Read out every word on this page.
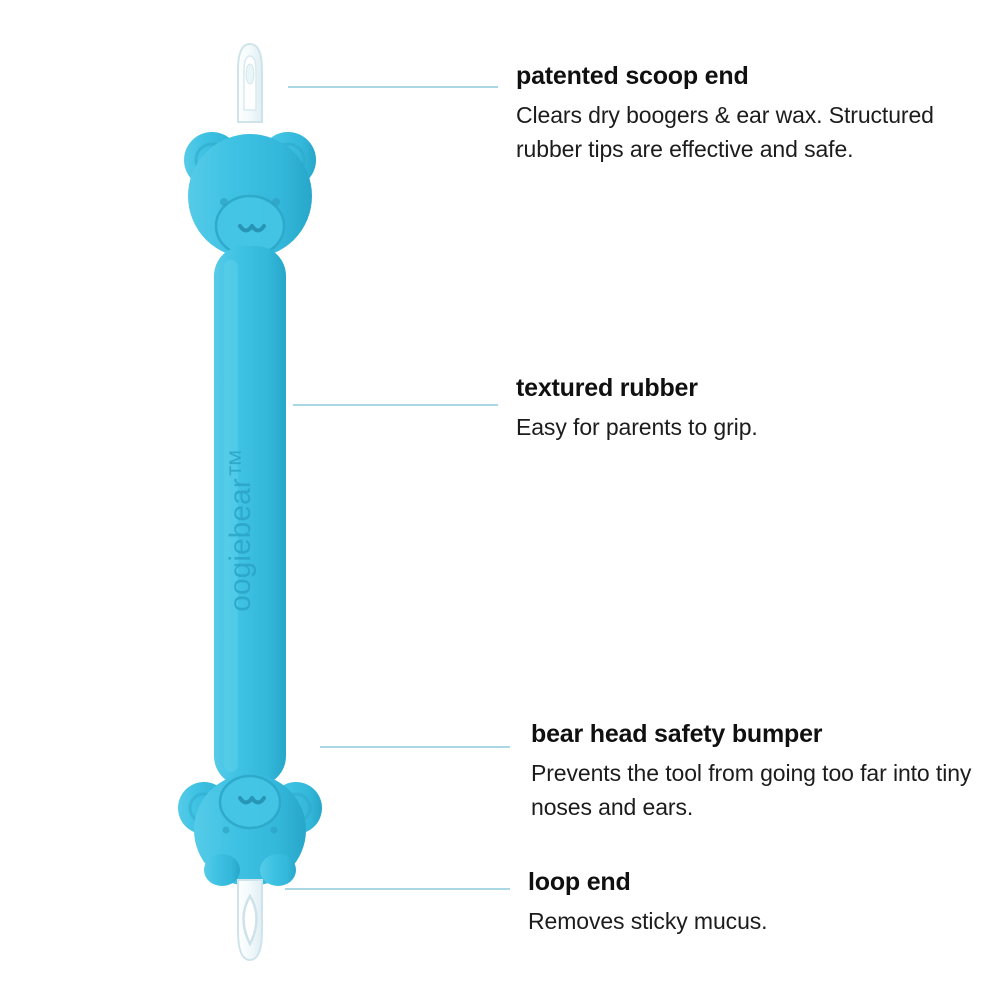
oogiebear™

patented scoop end

Clears dry boogers & ear wax. Structured rubber tips are effective and safe.

textured rubber

Easy for parents to grip.

bear head safety bumper

Prevents the tool from going too far into tiny noses and ears.

loop end

Removes sticky mucus.
